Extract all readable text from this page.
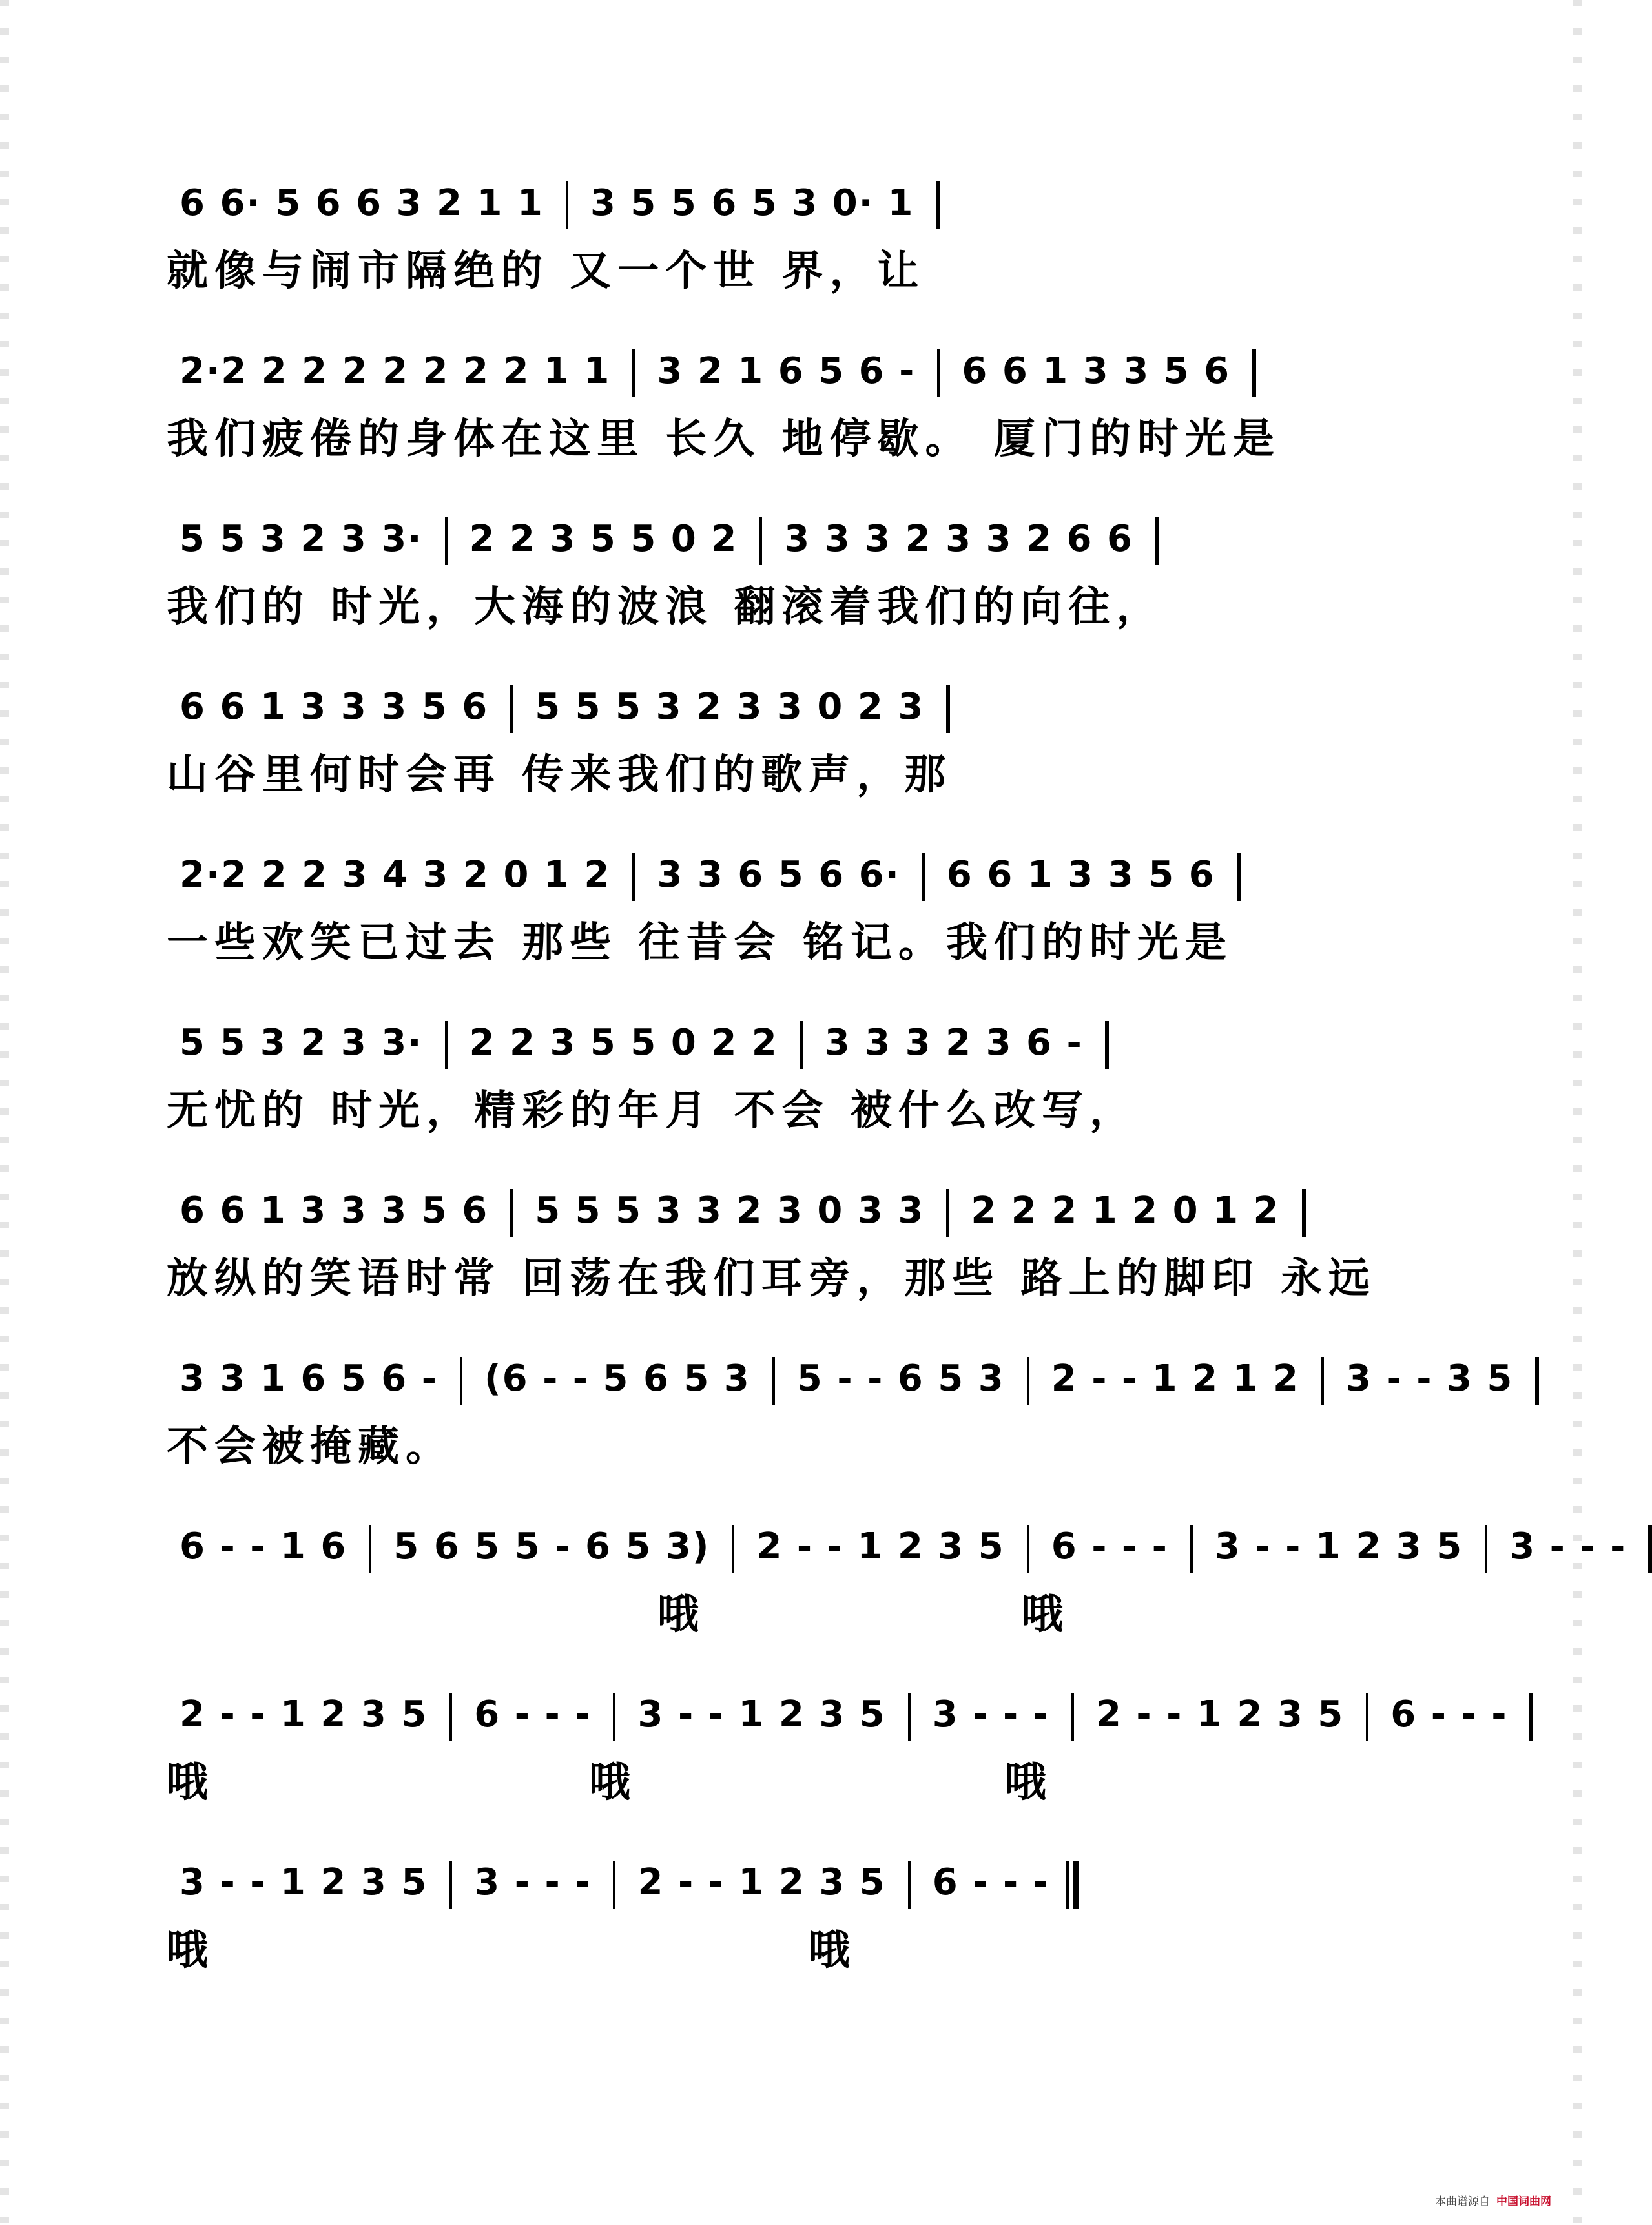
6 6· 5 6 6 3 2 1 1 3 5 5 6 5 3 0· 1
就像与闹市隔绝的 又一个世 界，让
2·2 2 2 2 2 2 2 2 1 1 3 2 1 6 5 6 - 6 6 1 3 3 5 6
我们疲倦的身体在这里 长久 地停歇。 厦门的时光是
5 5 3 2 3 3· 2 2 3 5 5 0 2 3 3 3 2 3 3 2 6 6
我们的 时光，大海的波浪 翻滚着我们的向往，
6 6 1 3 3 3 5 6 5 5 5 3 2 3 3 0 2 3
山谷里何时会再 传来我们的歌声，那
2·2 2 2 3 4 3 2 0 1 2 3 3 6 5 6 6· 6 6 1 3 3 5 6
一些欢笑已过去 那些 往昔会 铭记。我们的时光是
5 5 3 2 3 3· 2 2 3 5 5 0 2 2 3 3 3 2 3 6 -
无忧的 时光，精彩的年月 不会 被什么改写，
6 6 1 3 3 3 5 6 5 5 5 3 3 2 3 0 3 3 2 2 2 1 2 0 1 2
放纵的笑语时常 回荡在我们耳旁，那些 路上的脚印 永远
3 3 1 6 5 6 - (6 - - 5 6 5 3 5 - - 6 5 3 2 - - 1 2 1 2 3 - - 3 5
不会被掩藏。
6 - - 1 6 5 6 5 5 - 6 5 3) 2 - - 1 2 3 5 6 - - - 3 - - 1 2 3 5 3 - - -
哦	哦
2 - - 1 2 3 5 6 - - - 3 - - 1 2 3 5 3 - - - 2 - - 1 2 3 5 6 - - -
哦	哦	哦
3 - - 1 2 3 5 3 - - - 2 - - 1 2 3 5 6 - - -
哦	哦
本曲谱源自 中国词曲网
